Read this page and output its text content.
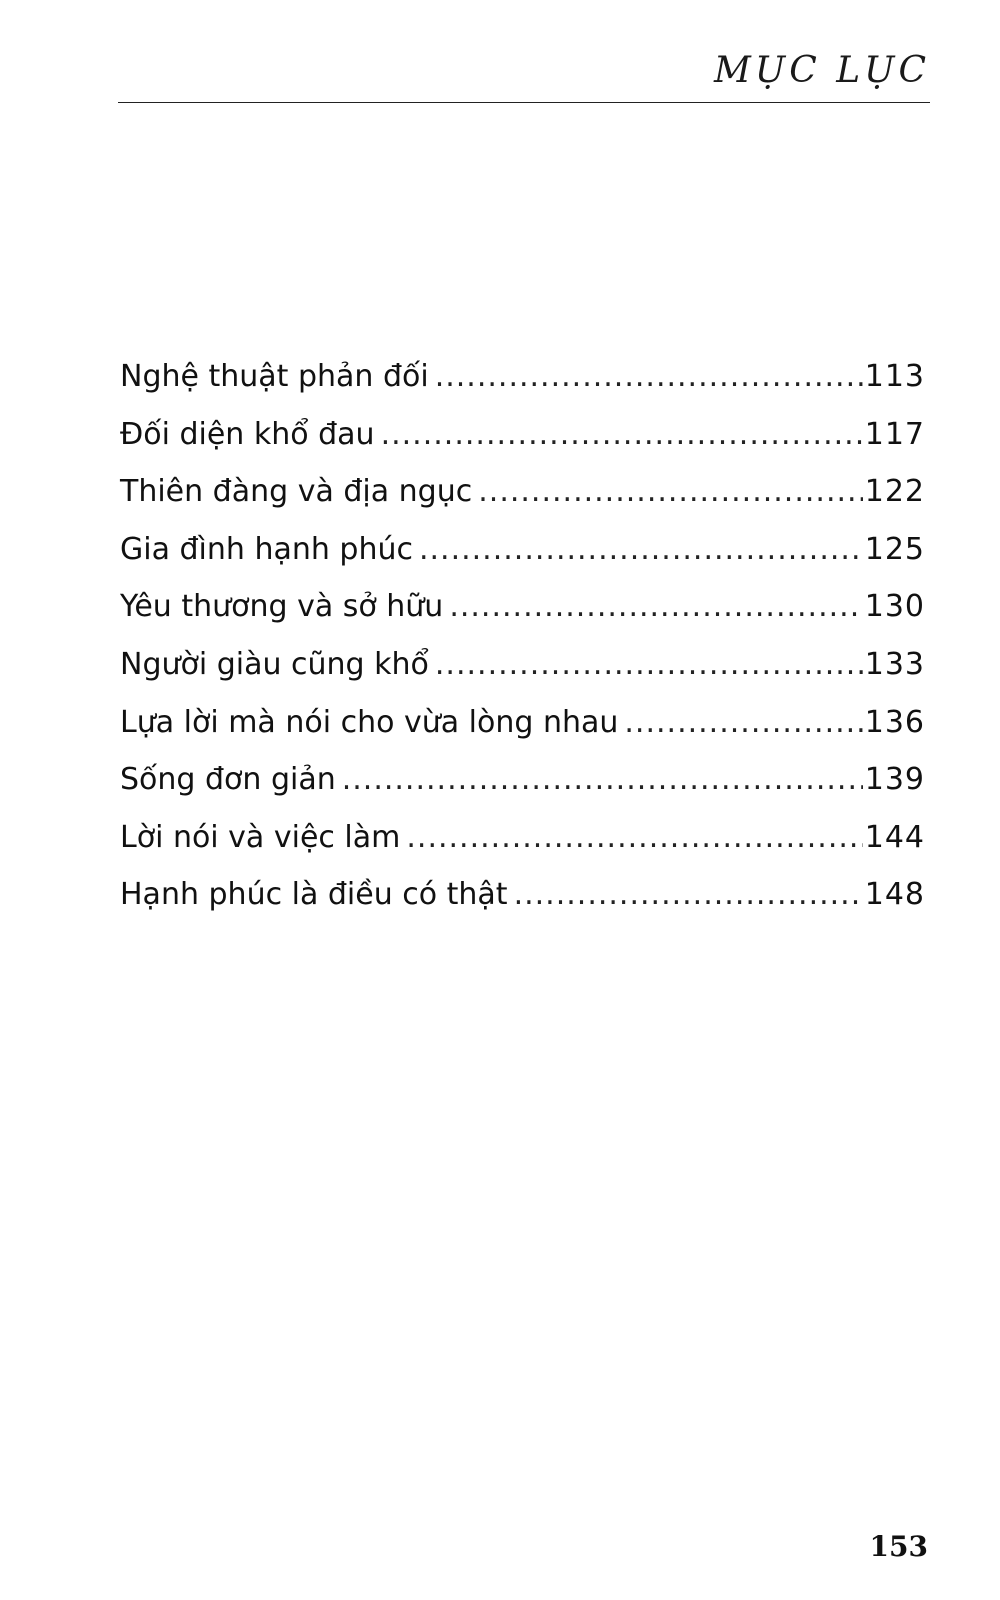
MỤC LỤC
Nghệ thuật phản đối .....	113
Đối diện khổ đau .....	117
Thiên đàng và địa ngục .....	122
Gia đình hạnh phúc .....	125
Yêu thương và sở hữu .....	130
Người giàu cũng khổ .....	133
Lựa lời mà nói cho vừa lòng nhau .....	136
Sống đơn giản .....	139
Lời nói và việc làm .....	144
Hạnh phúc là điều có thật .....	148
153
